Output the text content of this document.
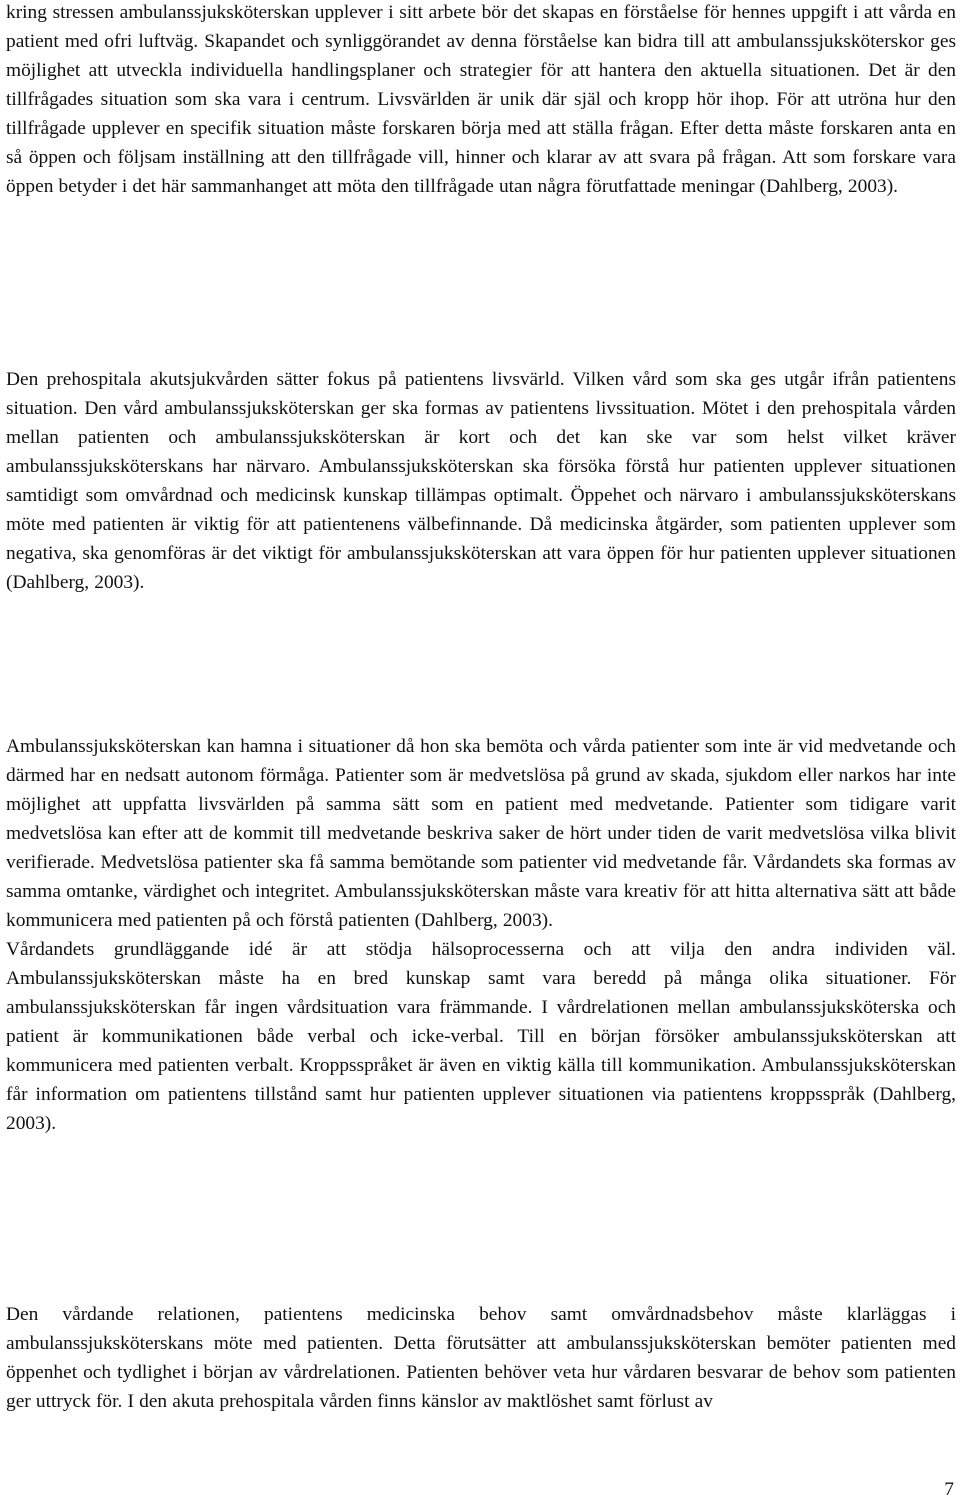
kring stressen ambulanssjuksköterskan upplever i sitt arbete bör det skapas en förståelse för hennes uppgift i att vårda en patient med ofri luftväg. Skapandet och synliggörandet av denna förståelse kan bidra till att ambulanssjuksköterskor ges möjlighet att utveckla individuella handlingsplaner och strategier för att hantera den aktuella situationen. Det är den tillfrågades situation som ska vara i centrum. Livsvärlden är unik där själ och kropp hör ihop. För att utröna hur den tillfrågade upplever en specifik situation måste forskaren börja med att ställa frågan. Efter detta måste forskaren anta en så öppen och följsam inställning att den tillfrågade vill, hinner och klarar av att svara på frågan. Att som forskare vara öppen betyder i det här sammanhanget att möta den tillfrågade utan några förutfattade meningar (Dahlberg, 2003).

Den prehospitala akutsjukvården sätter fokus på patientens livsvärld. Vilken vård som ska ges utgår ifrån patientens situation. Den vård ambulanssjuksköterskan ger ska formas av patientens livssituation. Mötet i den prehospitala vården mellan patienten och ambulanssjuksköterskan är kort och det kan ske var som helst vilket kräver ambulanssjuksköterskans har närvaro. Ambulanssjuksköterskan ska försöka förstå hur patienten upplever situationen samtidigt som omvårdnad och medicinsk kunskap tillämpas optimalt. Öppehet och närvaro i ambulanssjuksköterskans möte med patienten är viktig för att patientenens välbefinnande. Då medicinska åtgärder, som patienten upplever som negativa, ska genomföras är det viktigt för ambulanssjuksköterskan att vara öppen för hur patienten upplever situationen (Dahlberg, 2003).

Ambulanssjuksköterskan kan hamna i situationer då hon ska bemöta och vårda patienter som inte är vid medvetande och därmed har en nedsatt autonom förmåga. Patienter som är medvetslösa på grund av skada, sjukdom eller narkos har inte möjlighet att uppfatta livsvärlden på samma sätt som en patient med medvetande. Patienter som tidigare varit medvetslösa kan efter att de kommit till medvetande beskriva saker de hört under tiden de varit medvetslösa vilka blivit verifierade. Medvetslösa patienter ska få samma bemötande som patienter vid medvetande får. Vårdandets ska formas av samma omtanke, värdighet och integritet. Ambulanssjuksköterskan måste vara kreativ för att hitta alternativa sätt att både kommunicera med patienten på och förstå patienten (Dahlberg, 2003).

Vårdandets grundläggande idé är att stödja hälsoprocesserna och att vilja den andra individen väl. Ambulanssjuksköterskan måste ha en bred kunskap samt vara beredd på många olika situationer. För ambulanssjuksköterskan får ingen vårdsituation vara främmande. I vårdrelationen mellan ambulanssjuksköterska och patient är kommunikationen både verbal och icke-verbal. Till en början försöker ambulanssjuksköterskan att kommunicera med patienten verbalt. Kroppsspråket är även en viktig källa till kommunikation. Ambulanssjuksköterskan får information om patientens tillstånd samt hur patienten upplever situationen via patientens kroppsspråk (Dahlberg, 2003).

Den vårdande relationen, patientens medicinska behov samt omvårdnadsbehov måste klarläggas i ambulanssjuksköterskans möte med patienten. Detta förutsätter att ambulanssjuksköterskan bemöter patienten med öppenhet och tydlighet i början av vårdrelationen. Patienten behöver veta hur vårdaren besvarar de behov som patienten ger uttryck för. I den akuta prehospitala vården finns känslor av maktlöshet samt förlust av

7
